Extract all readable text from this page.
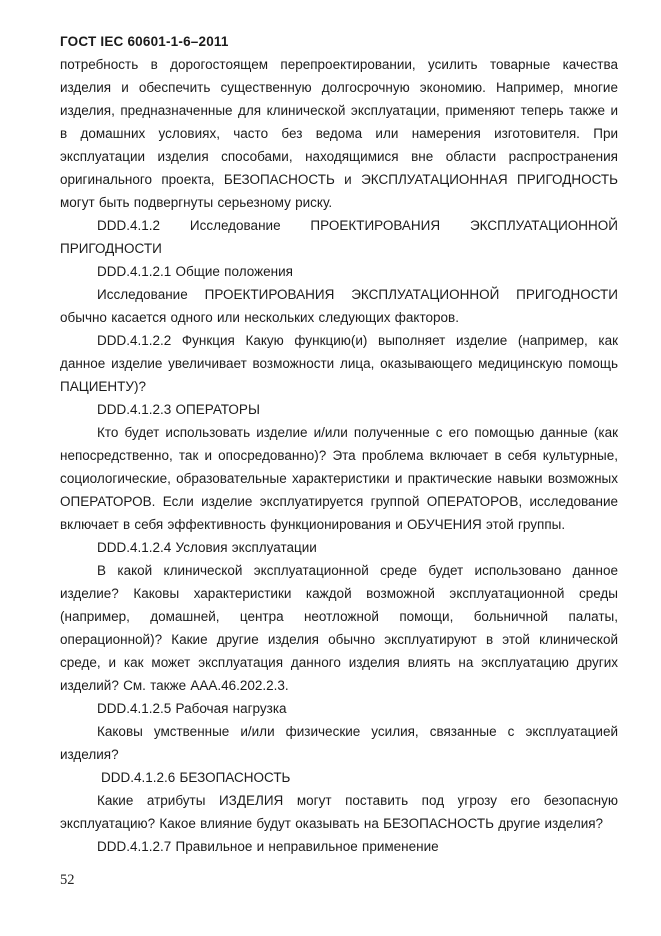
ГОСТ IEC 60601-1-6–2011

потребность в дорогостоящем перепроектировании, усилить товарные качества изделия и обеспечить существенную долгосрочную экономию. Например, многие изделия, предназначенные для клинической эксплуатации, применяют теперь также и в домашних условиях, часто без ведома или намерения изготовителя. При эксплуатации изделия способами, находящимися вне области распространения оригинального проекта, БЕЗОПАСНОСТЬ и ЭКСПЛУАТАЦИОННАЯ ПРИГОДНОСТЬ могут быть подвергнуты серьезному риску.

DDD.4.1.2 Исследование ПРОЕКТИРОВАНИЯ ЭКСПЛУАТАЦИОННОЙ ПРИГОДНОСТИ

DDD.4.1.2.1 Общие положения

Исследование ПРОЕКТИРОВАНИЯ ЭКСПЛУАТАЦИОННОЙ ПРИГОДНОСТИ обычно касается одного или нескольких следующих факторов.

DDD.4.1.2.2 Функция Какую функцию(и) выполняет изделие (например, как данное изделие увеличивает возможности лица, оказывающего медицинскую помощь ПАЦИЕНТУ)?

DDD.4.1.2.3 ОПЕРАТОРЫ

Кто будет использовать изделие и/или полученные с его помощью данные (как непосредственно, так и опосредованно)? Эта проблема включает в себя культурные, социологические, образовательные характеристики и практические навыки возможных ОПЕРАТОРОВ. Если изделие эксплуатируется группой ОПЕРАТОРОВ, исследование включает в себя эффективность функционирования и ОБУЧЕНИЯ этой группы.

DDD.4.1.2.4 Условия эксплуатации

В какой клинической эксплуатационной среде будет использовано данное изделие? Каковы характеристики каждой возможной эксплуатационной среды (например, домашней, центра неотложной помощи, больничной палаты, операционной)? Какие другие изделия обычно эксплуатируют в этой клинической среде, и как может эксплуатация данного изделия влиять на эксплуатацию других изделий? См. также AAA.46.202.2.3.

DDD.4.1.2.5 Рабочая нагрузка

Каковы умственные и/или физические усилия, связанные с эксплуатацией изделия?

DDD.4.1.2.6 БЕЗОПАСНОСТЬ

Какие атрибуты ИЗДЕЛИЯ могут поставить под угрозу его безопасную эксплуатацию? Какое влияние будут оказывать на БЕЗОПАСНОСТЬ другие изделия?

DDD.4.1.2.7 Правильное и неправильное применение

52
